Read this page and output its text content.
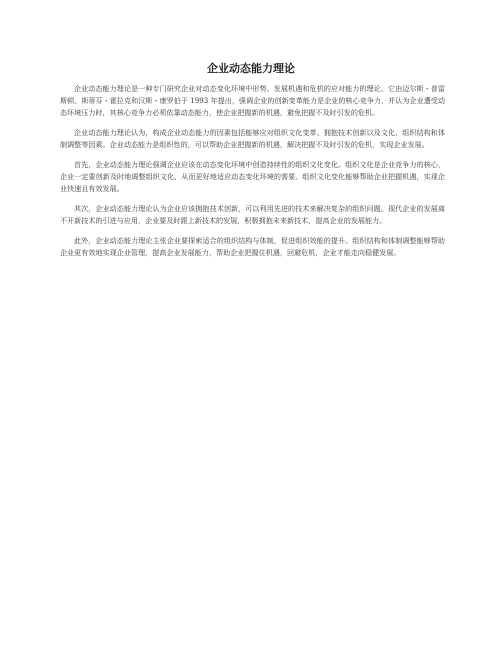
企业动态能力理论

企业动态能力理论是一种专门研究企业对动态变化环境中形势、发展机遇和危机的应对能力的理论。它由迈尔斯・普雷斯顿、斯蒂芬・霍拉克和汉斯・康罗伯于 1993 年提出，强调企业的创新变革能力是企业的核心竞争力，并认为企业遭受动态环境压力时，其核心竞争力必须依靠动态能力，使企业把握新的机遇，避免把握不及时引发的危机。

企业动态能力理论认为，构成企业动态能力的因素包括能够应对组织文化变革、拥抱技术创新以及文化、组织结构和体制调整等因素。企业动态能力是组织性的，可以帮助企业把握新的机遇，解决把握不及时引发的危机，实现企业发展。

首先，企业动态能力理论强调企业应该在动态变化环境中创造持续性的组织文化变化。组织文化是企业竞争力的核心，企业一定要创新及时地调整组织文化，从而更好地适应动态变化环境的需要。组织文化变化能够帮助企业把握机遇，实现企业快速且有效发展。

其次，企业动态能力理论认为企业应该拥抱技术创新，可以利用先进的技术来解决复杂的组织问题。现代企业的发展离不开新技术的引进与应用，企业要及时跟上新技术的发展，积极拥抱未来新技术，提高企业的发展能力。

此外，企业动态能力理论主张企业要探索适合的组织结构与体制，促进组织效能的提升。组织结构和体制调整能够帮助企业更有效地实现企业管理，提高企业发展能力，帮助企业把握住机遇，回避危机，企业才能走向稳健发展。
